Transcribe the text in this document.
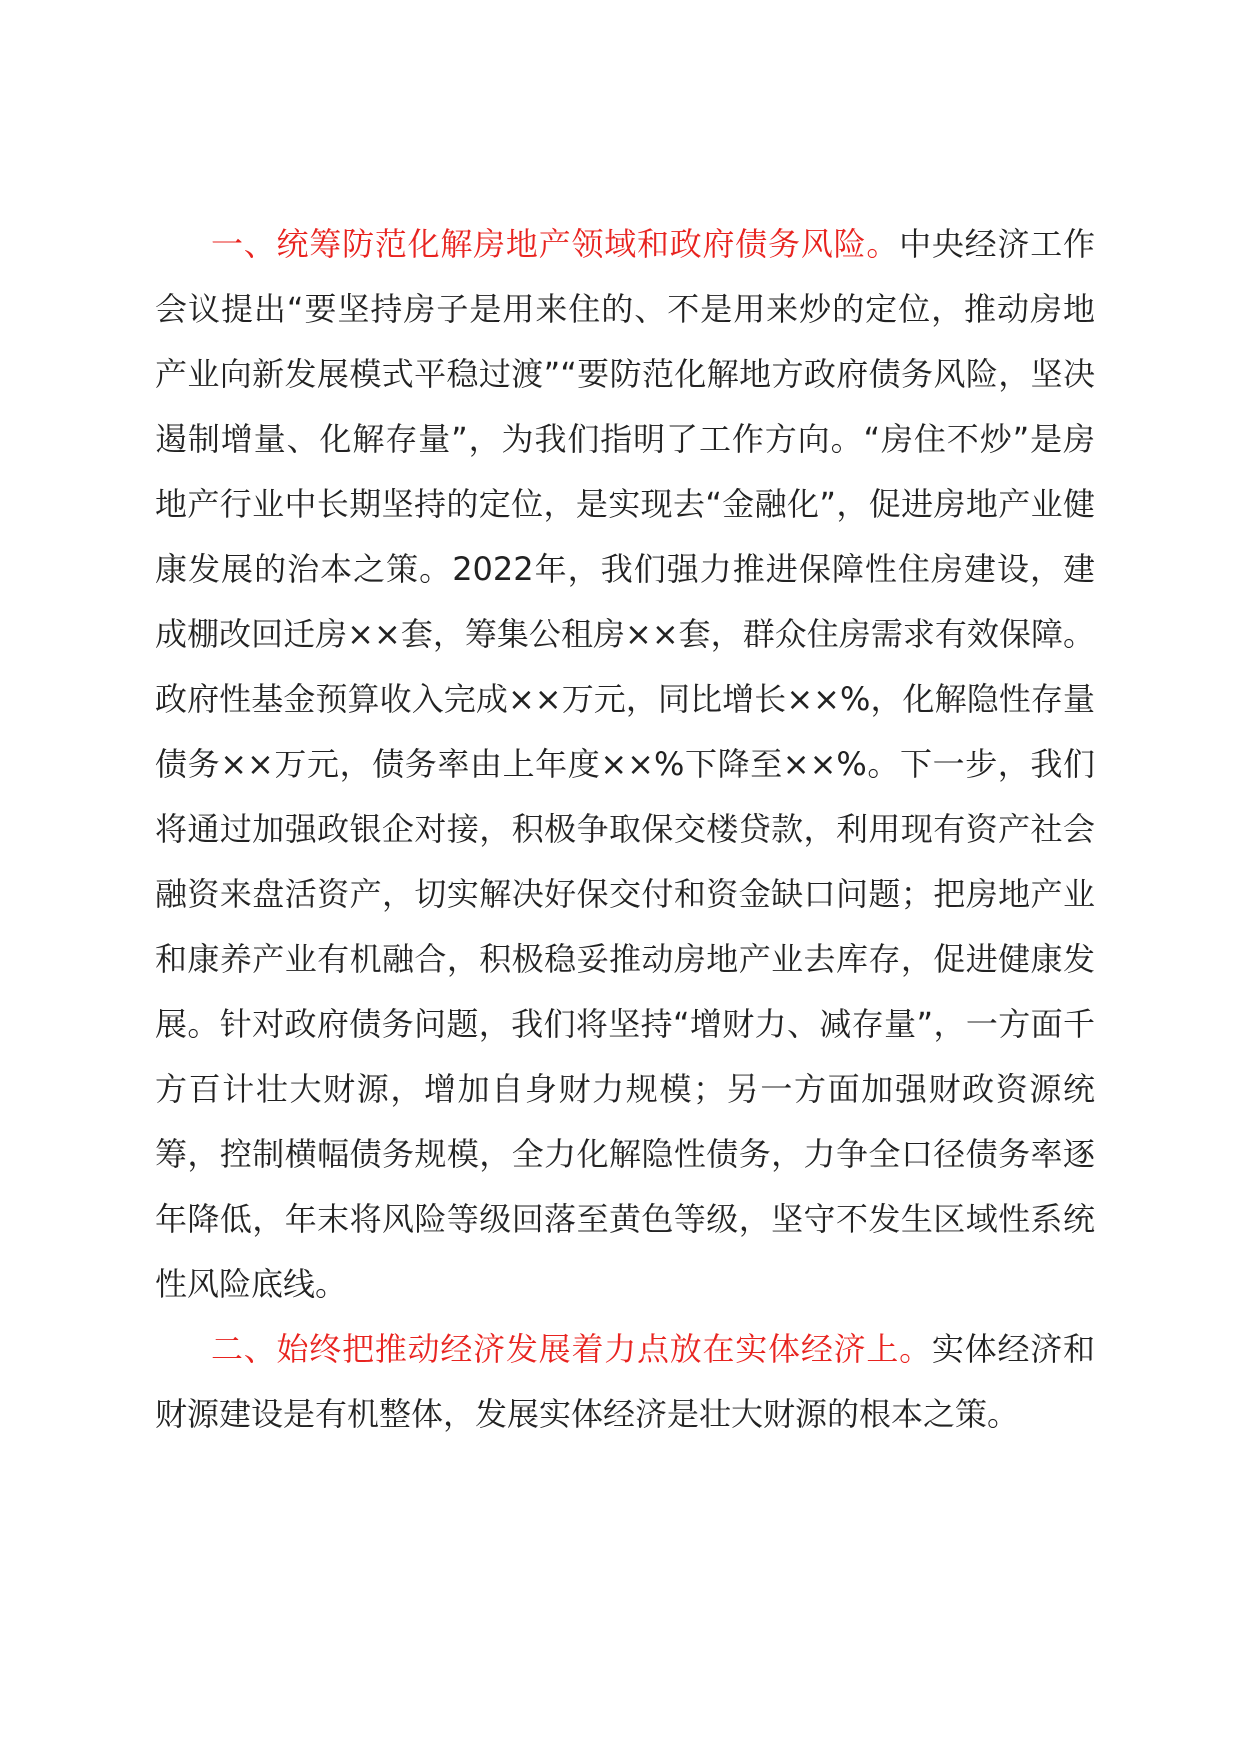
一、统筹防范化解房地产领域和政府债务风险。中央经济工作会议提出“要坚持房子是用来住的、不是用来炒的定位，推动房地产业向新发展模式平稳过渡”“要防范化解地方政府债务风险，坚决遏制增量、化解存量”，为我们指明了工作方向。“房住不炒”是房地产行业中长期坚持的定位，是实现去“金融化”，促进房地产业健康发展的治本之策。2022年，我们强力推进保障性住房建设，建成棚改回迁房××套，筹集公租房××套，群众住房需求有效保障。政府性基金预算收入完成××万元，同比增长××%，化解隐性存量债务××万元，债务率由上年度××%下降至××%。下一步，我们将通过加强政银企对接，积极争取保交楼贷款，利用现有资产社会融资来盘活资产，切实解决好保交付和资金缺口问题；把房地产业和康养产业有机融合，积极稳妥推动房地产业去库存，促进健康发展。针对政府债务问题，我们将坚持“增财力、减存量”，一方面千方百计壮大财源，增加自身财力规模；另一方面加强财政资源统筹，控制横幅债务规模，全力化解隐性债务，力争全口径债务率逐年降低，年末将风险等级回落至黄色等级，坚守不发生区域性系统性风险底线。

二、始终把推动经济发展着力点放在实体经济上。实体经济和财源建设是有机整体，发展实体经济是壮大财源的根本之策。
